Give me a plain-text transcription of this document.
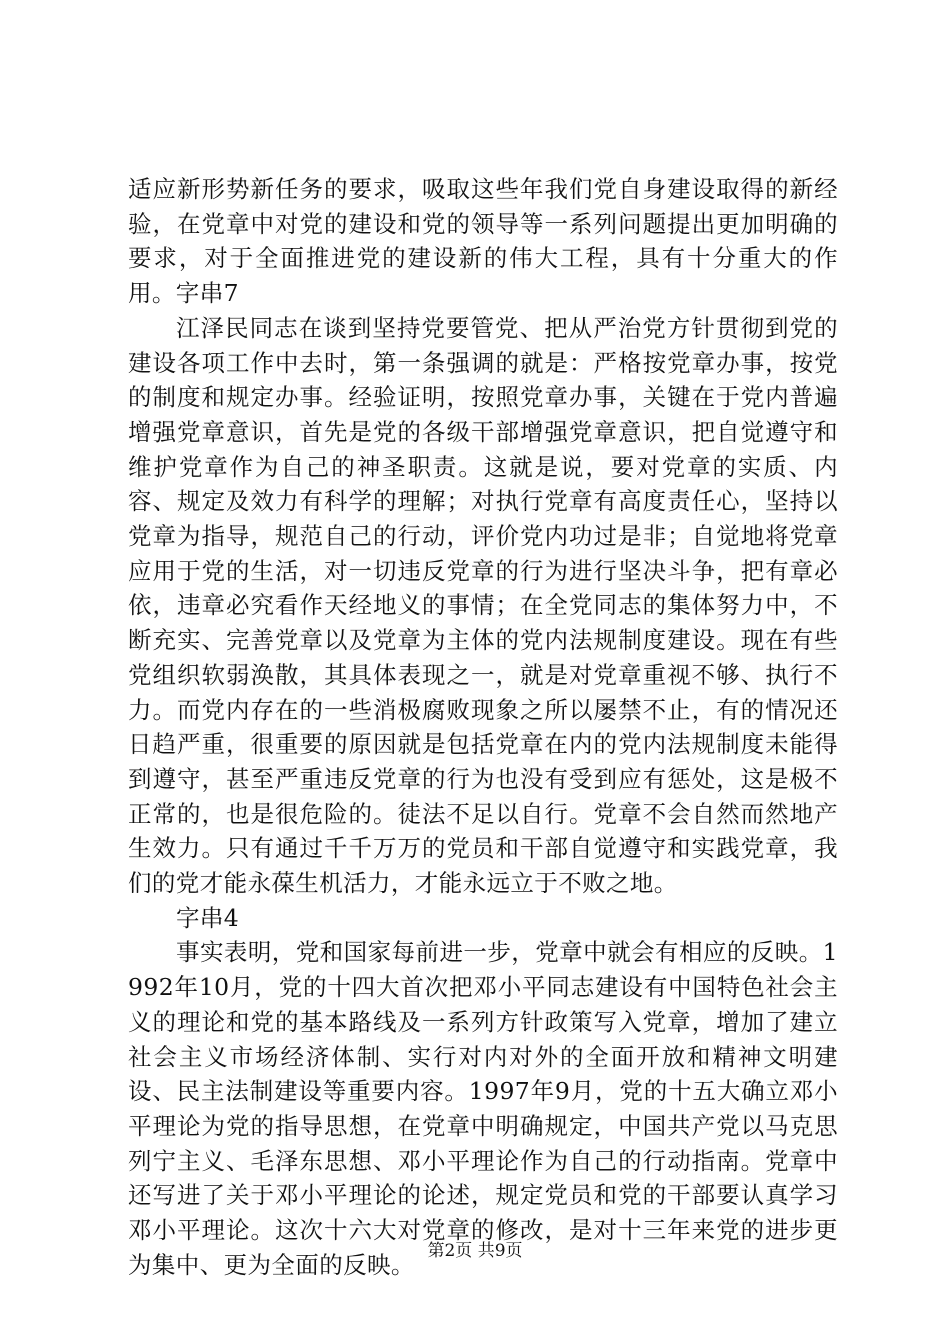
适应新形势新任务的要求，吸取这些年我们党自身建设取得的新经验，在党章中对党的建设和党的领导等一系列问题提出更加明确的要求，对于全面推进党的建设新的伟大工程，具有十分重大的作用。字串7

江泽民同志在谈到坚持党要管党、把从严治党方针贯彻到党的建设各项工作中去时，第一条强调的就是：严格按党章办事，按党的制度和规定办事。经验证明，按照党章办事，关键在于党内普遍增强党章意识，首先是党的各级干部增强党章意识，把自觉遵守和维护党章作为自己的神圣职责。这就是说，要对党章的实质、内容、规定及效力有科学的理解；对执行党章有高度责任心，坚持以党章为指导，规范自己的行动，评价党内功过是非；自觉地将党章应用于党的生活，对一切违反党章的行为进行坚决斗争，把有章必依，违章必究看作天经地义的事情；在全党同志的集体努力中，不断充实、完善党章以及党章为主体的党内法规制度建设。现在有些党组织软弱涣散，其具体表现之一，就是对党章重视不够、执行不力。而党内存在的一些消极腐败现象之所以屡禁不止，有的情况还日趋严重，很重要的原因就是包括党章在内的党内法规制度未能得到遵守，甚至严重违反党章的行为也没有受到应有惩处，这是极不正常的，也是很危险的。徒法不足以自行。党章不会自然而然地产生效力。只有通过千千万万的党员和干部自觉遵守和实践党章，我们的党才能永葆生机活力，才能永远立于不败之地。

字串4

事实表明，党和国家每前进一步，党章中就会有相应的反映。1992年10月，党的十四大首次把邓小平同志建设有中国特色社会主义的理论和党的基本路线及一系列方针政策写入党章，增加了建立社会主义市场经济体制、实行对内对外的全面开放和精神文明建设、民主法制建设等重要内容。1997年9月，党的十五大确立邓小平理论为党的指导思想，在党章中明确规定，中国共产党以马克思列宁主义、毛泽东思想、邓小平理论作为自己的行动指南。党章中还写进了关于邓小平理论的论述，规定党员和党的干部要认真学习邓小平理论。这次十六大对党章的修改，是对十三年来党的进步更为集中、更为全面的反映。 第2页 共9页
